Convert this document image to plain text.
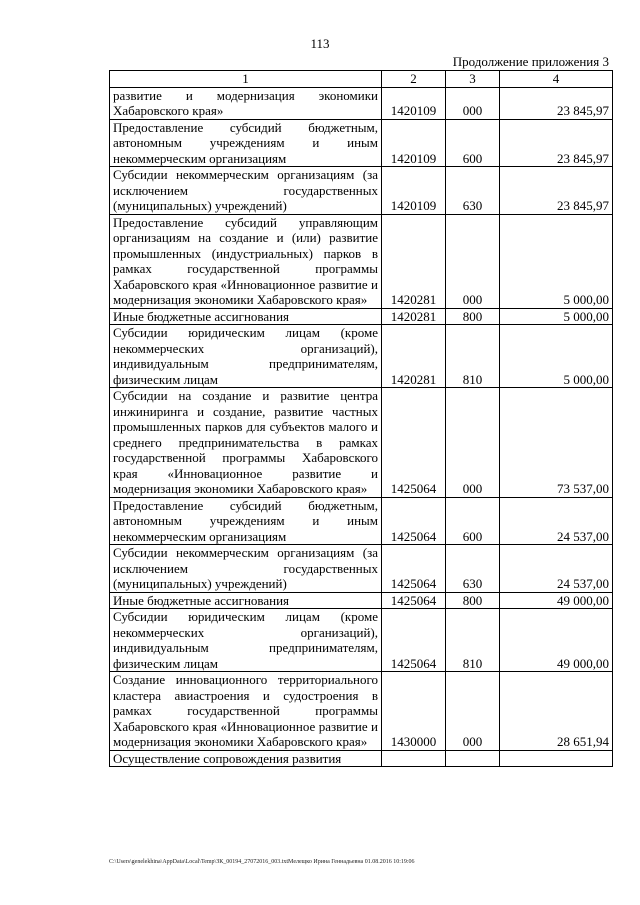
113
Продолжение приложения 3
1	2	3	4
развитие и модернизация экономики Хабаровского края»	1420109	000	23 845,97
Предоставление субсидий бюджетным, автономным учреждениям и иным некоммерческим организациям	1420109	600	23 845,97
Субсидии некоммерческим организациям (за исключением государственных (муниципальных) учреждений)	1420109	630	23 845,97
Предоставление субсидий управляющим организациям на создание и (или) развитие промышленных (индустриальных) парков в рамках государственной программы Хабаровского края «Инновационное развитие и модернизация экономики Хабаровского края»	1420281	000	5 000,00
Иные бюджетные ассигнования	1420281	800	5 000,00
Субсидии юридическим лицам (кроме некоммерческих организаций), индивидуальным предпринимателям, физическим лицам	1420281	810	5 000,00
Субсидии на создание и развитие центра инжиниринга и создание, развитие частных промышленных парков для субъектов малого и среднего предпринимательства в рамках государственной программы Хабаровского края «Инновационное развитие и модернизация экономики Хабаровского края»	1425064	000	73 537,00
Предоставление субсидий бюджетным, автономным учреждениям и иным некоммерческим организациям	1425064	600	24 537,00
Субсидии некоммерческим организациям (за исключением государственных (муниципальных) учреждений)	1425064	630	24 537,00
Иные бюджетные ассигнования	1425064	800	49 000,00
Субсидии юридическим лицам (кроме некоммерческих организаций), индивидуальным предпринимателям, физическим лицам	1425064	810	49 000,00
Создание инновационного территориального кластера авиастроения и судостроения в рамках государственной программы Хабаровского края «Инновационное развитие и модернизация экономики Хабаровского края»	1430000	000	28 651,94
Осуществление сопровождения развития			
C:\Users\genelekhina\AppData\Local\Temp\ЗК_00194_27072016_003.txtМелещко Ирина Геннадьевна 01.08.2016 10:19:06
